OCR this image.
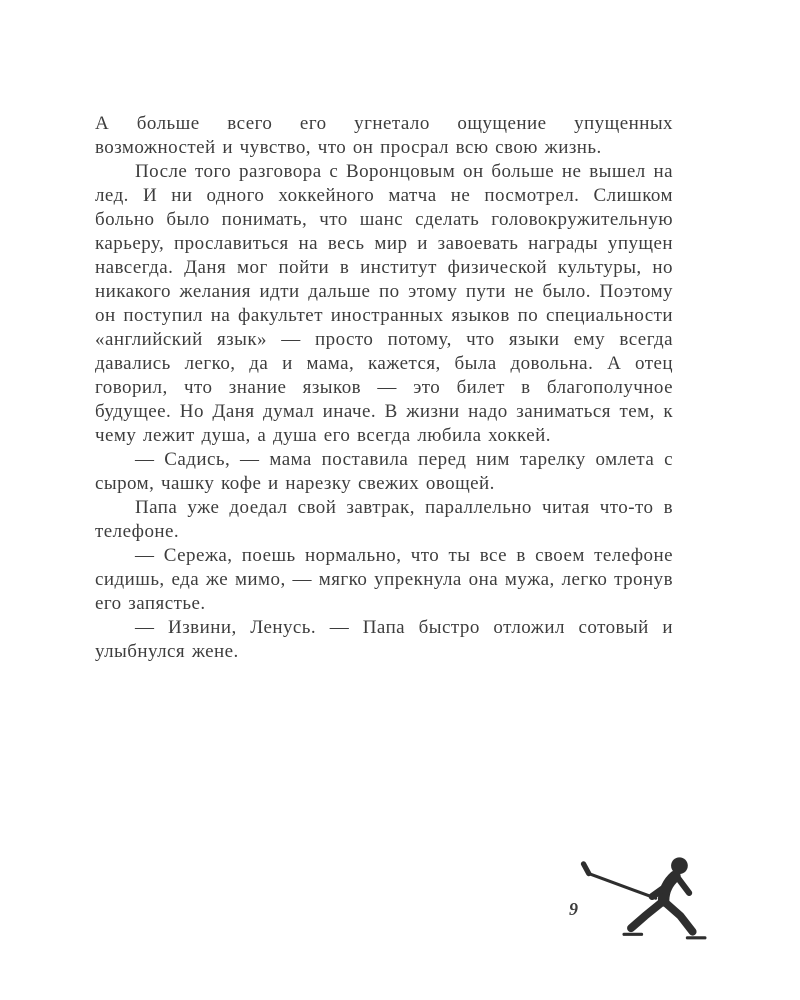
А больше всего его угнетало ощущение упущенных возможностей и чувство, что он просрал всю свою жизнь.

После того разговора с Воронцовым он больше не вышел на лед. И ни одного хоккейного матча не посмотрел. Слишком больно было понимать, что шанс сделать головокружительную карьеру, прославиться на весь мир и завоевать награды упущен навсегда. Даня мог пойти в институт физической культуры, но никакого желания идти дальше по этому пути не было. Поэтому он поступил на факультет иностранных языков по специальности «английский язык» — просто потому, что языки ему всегда давались легко, да и мама, кажется, была довольна. А отец говорил, что знание языков — это билет в благополучное будущее. Но Даня думал иначе. В жизни надо заниматься тем, к чему лежит душа, а душа его всегда любила хоккей.

— Садись, — мама поставила перед ним тарелку омлета с сыром, чашку кофе и нарезку свежих овощей.

Папа уже доедал свой завтрак, параллельно читая что-то в телефоне.

— Сережа, поешь нормально, что ты все в своем телефоне сидишь, еда же мимо, — мягко упрекнула она мужа, легко тронув его запястье.

— Извини, Ленусь. — Папа быстро отложил сотовый и улыбнулся жене.

9
